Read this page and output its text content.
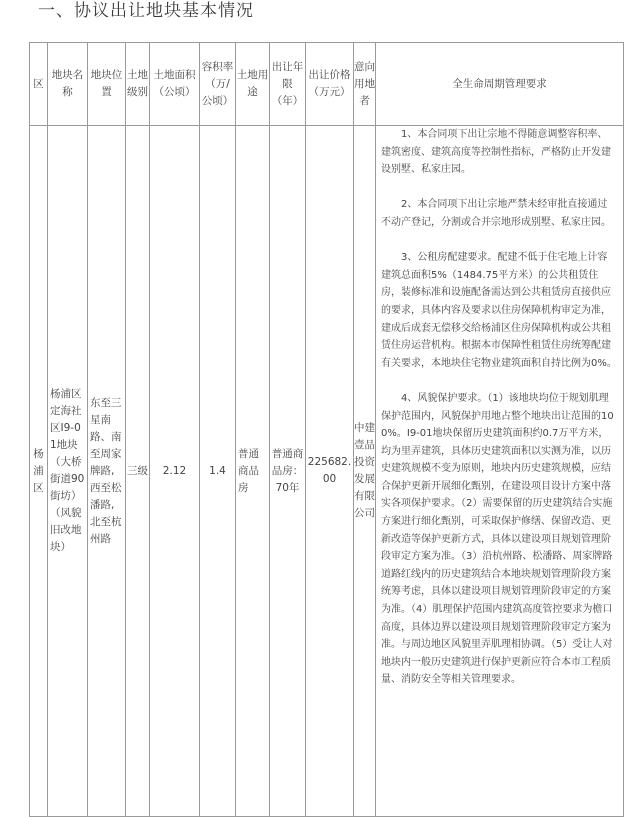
一、协议出让地块基本情况
区	地块名称	地块位置	土地级别	土地面积（公顷）	容积率（万/公顷）	土地用途	出让年限（年）	出让价格（万元）	意向用地者	全生命周期管理要求
杨浦区	杨浦区定海社区I9-01地块（大桥街道90街坊）（风貌旧改地块）	东至三星南路、南至周家牌路, 西至松潘路, 北至杭州路	三级	2.12	1.4	普通商品房	普通商品房：70年	225682.00	中建壹品投资发展有限公司	1、本合同项下出让宗地不得随意调整容积率、建筑密度、建筑高度等控制性指标，严格防止开发建设别墅、私家庄园。

2、本合同项下出让宗地严禁未经审批直接通过不动产登记，分割或合并宗地形成别墅、私家庄园。

3、公租房配建要求。配建不低于住宅地上计容建筑总面积5%（1484.75平方米）的公共租赁住房，装修标准和设施配备需达到公共租赁房直接供应的要求，具体内容及要求以住房保障机构审定为准，建成后成套无偿移交给杨浦区住房保障机构或公共租赁住房运营机构。根据本市保障性租赁住房统筹配建有关要求，本地块住宅物业建筑面积自持比例为0%。

4、风貌保护要求。（1）该地块均位于规划肌理保护范围内，风貌保护用地占整个地块出让范围的100%。I9-01地块保留历史建筑面积约0.7万平方米，均为里弄建筑，具体历史建筑面积以实测为准，以历史建筑规模不变为原则，地块内历史建筑规模，应结合保护更新开展细化甄别，在建设项目设计方案中落实各项保护要求。（2）需要保留的历史建筑结合实施方案进行细化甄别，可采取保护修缮、保留改造、更新改造等保护更新方式，具体以建设项目规划管理阶段审定方案为准。（3）沿杭州路、松潘路、周家牌路道路红线内的历史建筑结合本地块规划管理阶段方案统筹考虑，具体以建设项目规划管理阶段审定的方案为准。（4）肌理保护范围内建筑高度管控要求为檐口高度，具体边界以建设项目规划管理阶段审定方案为准。与周边地区风貌里弄肌理相协调。（5）受让人对地块内一般历史建筑进行保护更新应符合本市工程质量、消防安全等相关管理要求。
